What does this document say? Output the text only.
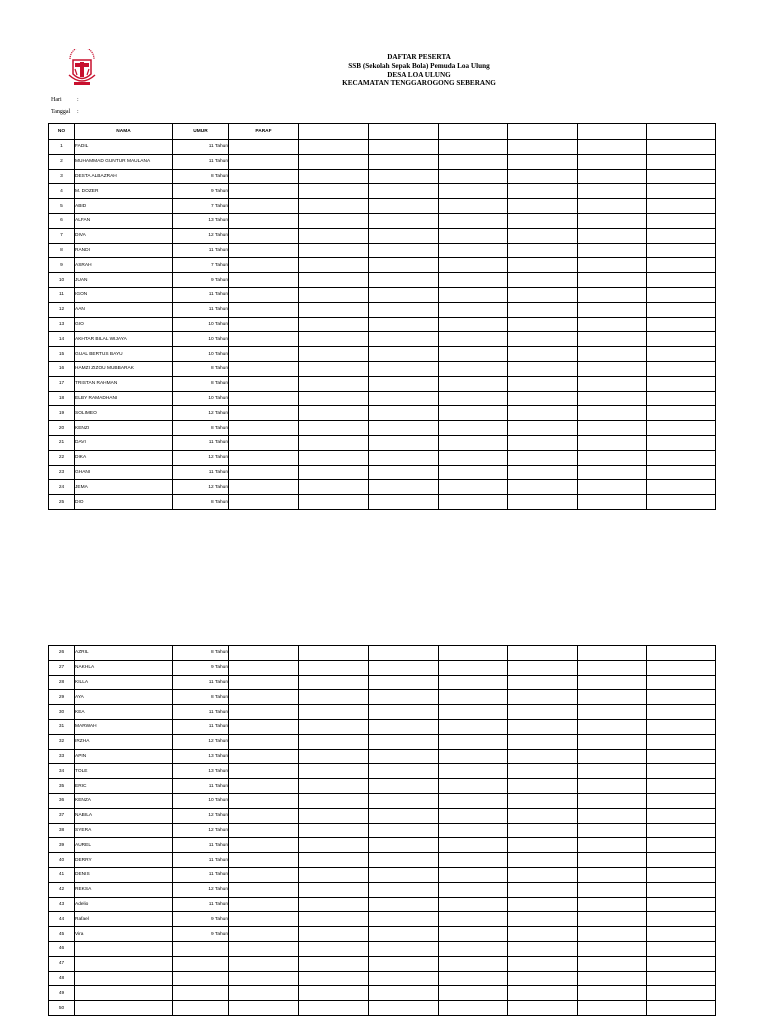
DAFTAR PESERTA
SSB (Sekolah Sepak Bola) Pemuda Loa Ulung
DESA LOA ULUNG
KECAMATAN TENGGAROGONG SEBERANG
Hari	:
Tanggal :
NO	NAMA	UMUR	PARAF						
1	FADIL	11 Tahun							
2	MUHAMMAD GUNTUR MAULANA	11 Tahun							
3	DESTA ALBAZRAH	8 Tahun							
4	M. DOZER	9 Tahun							
5	ABID	7 Tahun							
6	ALFAN	13 Tahun							
7	DIVA	12 Tahun							
8	RANDI	11 Tahun							
9	ASRAH	7 Tahun							
10	JUAN	9 Tahun							
11	IGON	11 Tahun							
12	AAN	11 Tahun							
13	GIO	10 Tahun							
14	AKHTAR BILAL WIJAYA	10 Tahun							
15	GUAL BERTUS BAYU	10 Tahun							
16	HAMZI ZIZOU MUBBARAK	8 Tahun							
17	TRISTAN RAHMAN	8 Tahun							
18	ELBY RAMADHANI	10 Tahun							
19	SOLIMEO	12 Tahun							
20	KENZI	8 Tahun							
21	DAVI	11 Tahun							
22	DIKA	12 Tahun							
23	GHANI	11 Tahun							
24	JEMA	12 Tahun							
25	DIO	8 Tahun							
26	AZRIL	8 Tahun							
27	NAKHLA	9 Tahun							
28	KILLA	11 Tahun							
29	AYA	8 Tahun							
30	KEA	11 Tahun							
31	MARWAH	11 Tahun							
32	IRZHA	12 Tahun							
33	APIN	13 Tahun							
34	TOLE	13 Tahun							
35	ERIC	11 Tahun							
36	KENZA	10 Tahun							
37	NABILA	12 Tahun							
38	SYERA	12 Tahun							
39	AUREL	11 Tahun							
40	DERRY	11 Tahun							
41	DENIS	11 Tahun							
42	REKSA	12 Tahun							
43	Adelio	11 Tahun							
44	Rafael	9 Tahun							
45	Vira	9 Tahun							
46									
47									
48									
49									
50									
